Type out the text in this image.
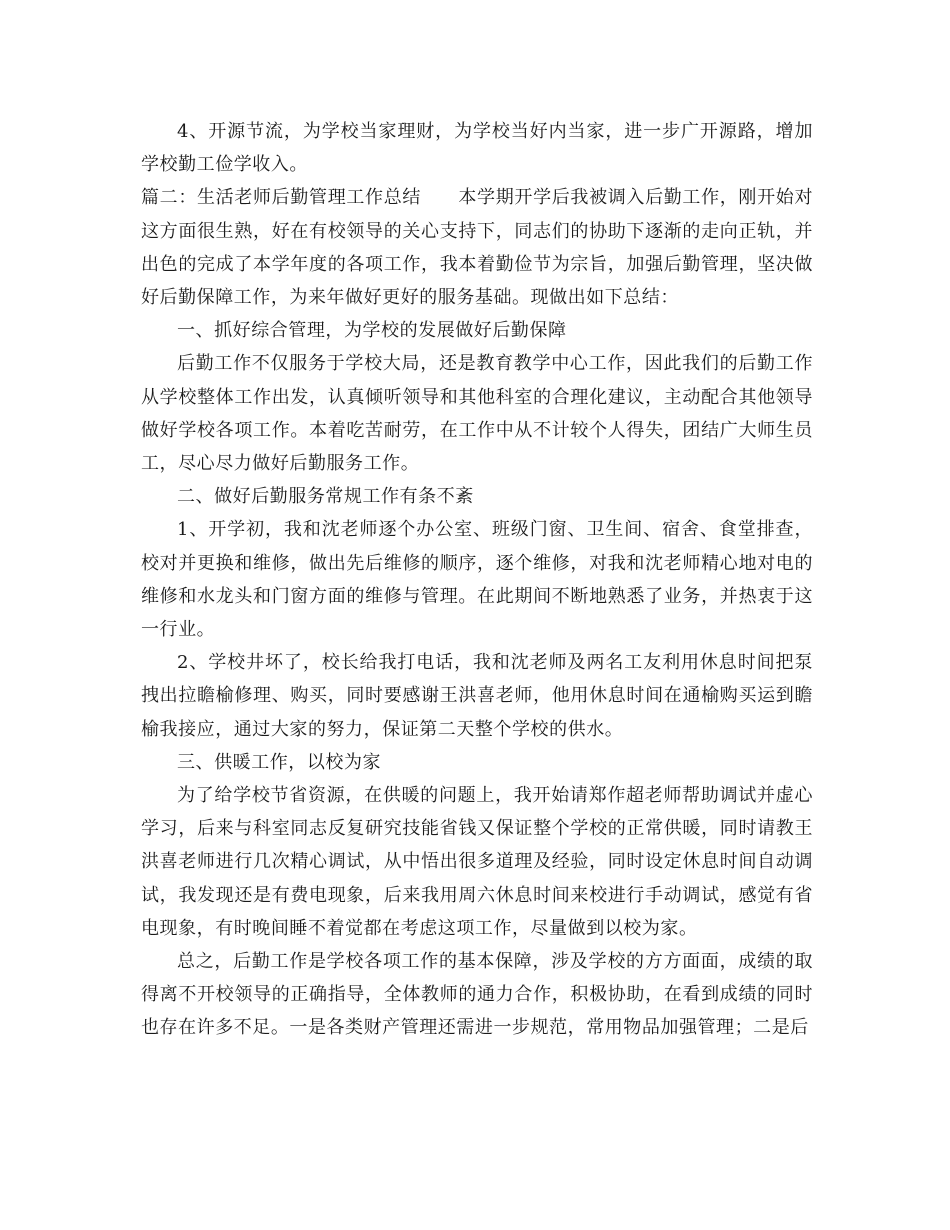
4、开源节流，为学校当家理财，为学校当好内当家，进一步广开源路，增加学校勤工俭学收入。

篇二：生活老师后勤管理工作总结　　 本学期开学后我被调入后勤工作，刚开始对这方面很生熟，好在有校领导的关心支持下，同志们的协助下逐渐的走向正轨，并出色的完成了本学年度的各项工作，我本着勤俭节为宗旨，加强后勤管理，坚决做好后勤保障工作，为来年做好更好的服务基础。现做出如下总结：

一、抓好综合管理，为学校的发展做好后勤保障

后勤工作不仅服务于学校大局，还是教育教学中心工作，因此我们的后勤工作从学校整体工作出发，认真倾听领导和其他科室的合理化建议，主动配合其他领导做好学校各项工作。本着吃苦耐劳，在工作中从不计较个人得失，团结广大师生员工，尽心尽力做好后勤服务工作。

二、做好后勤服务常规工作有条不紊

1、开学初，我和沈老师逐个办公室、班级门窗、卫生间、宿舍、食堂排查，校对并更换和维修，做出先后维修的顺序，逐个维修，对我和沈老师精心地对电的维修和水龙头和门窗方面的维修与管理。在此期间不断地熟悉了业务，并热衷于这一行业。

2、学校井坏了，校长给我打电话，我和沈老师及两名工友利用休息时间把泵拽出拉瞻榆修理、购买，同时要感谢王洪喜老师，他用休息时间在通榆购买运到瞻榆我接应，通过大家的努力，保证第二天整个学校的供水。

三、供暖工作，以校为家

为了给学校节省资源，在供暖的问题上，我开始请郑作超老师帮助调试并虚心学习，后来与科室同志反复研究技能省钱又保证整个学校的正常供暖，同时请教王洪喜老师进行几次精心调试，从中悟出很多道理及经验，同时设定休息时间自动调试，我发现还是有费电现象，后来我用周六休息时间来校进行手动调试，感觉有省电现象，有时晚间睡不着觉都在考虑这项工作，尽量做到以校为家。

总之，后勤工作是学校各项工作的基本保障，涉及学校的方方面面，成绩的取得离不开校领导的正确指导，全体教师的通力合作，积极协助，在看到成绩的同时也存在许多不足。一是各类财产管理还需进一步规范，常用物品加强管理；二是后
